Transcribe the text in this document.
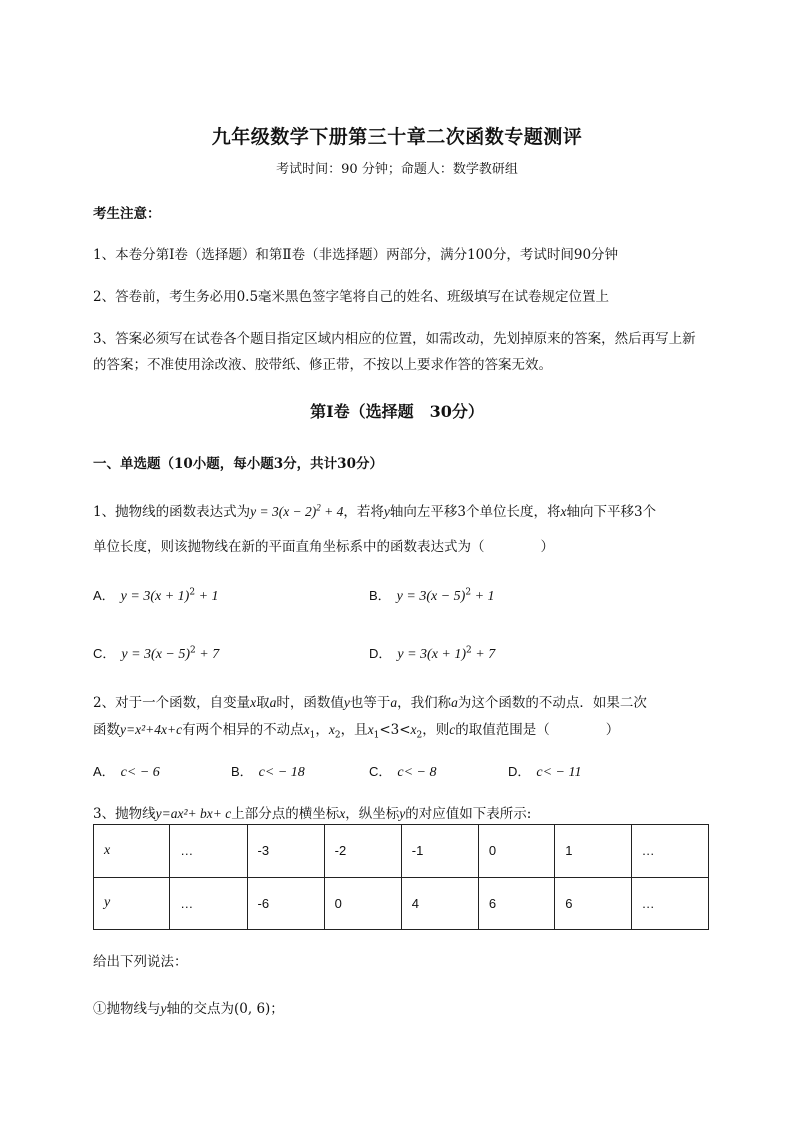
九年级数学下册第三十章二次函数专题测评
考试时间：90 分钟；命题人：数学教研组
考生注意：
1、本卷分第I卷（选择题）和第Ⅱ卷（非选择题）两部分，满分100分，考试时间90分钟
2、答卷前，考生务必用0.5毫米黑色签字笔将自己的姓名、班级填写在试卷规定位置上
3、答案必须写在试卷各个题目指定区域内相应的位置，如需改动，先划掉原来的答案，然后再写上新
的答案；不准使用涂改液、胶带纸、修正带，不按以上要求作答的答案无效。
第I卷（选择题　30分）
一、单选题（10小题，每小题3分，共计30分）
1、抛物线的函数表达式为$y = 3(x - 2)^2 + 4$，若将y轴向左平移3个单位长度，将x轴向下平移3个
单位长度，则该抛物线在新的平面直角坐标系中的函数表达式为（	）
A． $y = 3(x + 1)^2 + 1$	B． $y = 3(x - 5)^2 + 1$
C． $y = 3(x - 5)^2 + 7$	D． $y = 3(x + 1)^2 + 7$
2、对于一个函数，自变量x取a时，函数值y也等于a，我们称a为这个函数的不动点．如果二次
函数y=x²+4x+c有两个相异的不动点$x_1$，$x_2$，且$x_1<3<x_2$，则c的取值范围是（	）
A． c< − 6	B． c< − 18	C． c< − 8	D． c< − 11
3、抛物线y=ax²+ bx+ c上部分点的横坐标x，纵坐标y的对应值如下表所示:
x	…	-3	-2	-1	0	1	…
y	…	-6	0	4	6	6	…
给出下列说法：
①抛物线与y轴的交点为(0, 6)；
